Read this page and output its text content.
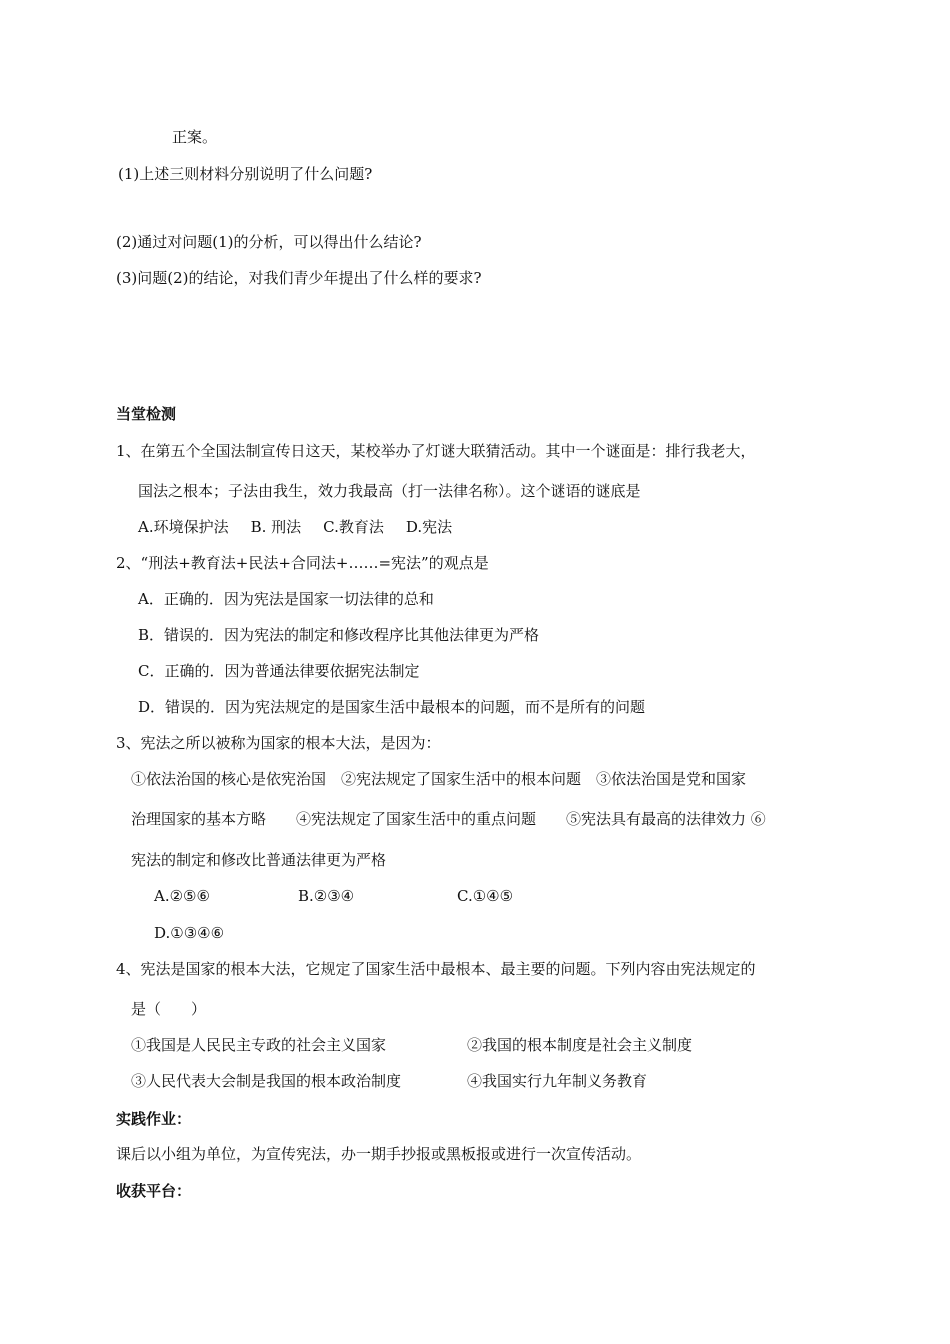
正案。
(1)上述三则材料分别说明了什么问题?
(2)通过对问题(1)的分析，可以得出什么结论?
(3)问题(2)的结论，对我们青少年提出了什么样的要求?
当堂检测
1、在第五个全国法制宣传日这天，某校举办了灯谜大联猜活动。其中一个谜面是：排行我老大，
国法之根本；子法由我生，效力我最高（打一法律名称）。这个谜语的谜底是
A.环境保护法 B. 刑法 C.教育法 D.宪法
2、“刑法+教育法+民法+合同法+……=宪法”的观点是
A．正确的．因为宪法是国家一切法律的总和
B．错误的．因为宪法的制定和修改程序比其他法律更为严格
C．正确的．因为普通法律要依据宪法制定
D．错误的．因为宪法规定的是国家生活中最根本的问题，而不是所有的问题
3、宪法之所以被称为国家的根本大法，是因为：
①依法治国的核心是依宪治国　②宪法规定了国家生活中的根本问题　③依法治国是党和国家
治理国家的基本方略　　④宪法规定了国家生活中的重点问题　　⑤宪法具有最高的法律效力 ⑥
宪法的制定和修改比普通法律更为严格
A.②⑤⑥	B.②③④	C.①④⑤
D.①③④⑥
4、宪法是国家的根本大法，它规定了国家生活中最根本、最主要的问题。下列内容由宪法规定的
是（　　）
①我国是人民民主专政的社会主义国家	②我国的根本制度是社会主义制度
③人民代表大会制是我国的根本政治制度	④我国实行九年制义务教育
实践作业：
课后以小组为单位，为宣传宪法，办一期手抄报或黑板报或进行一次宣传活动。
收获平台：
